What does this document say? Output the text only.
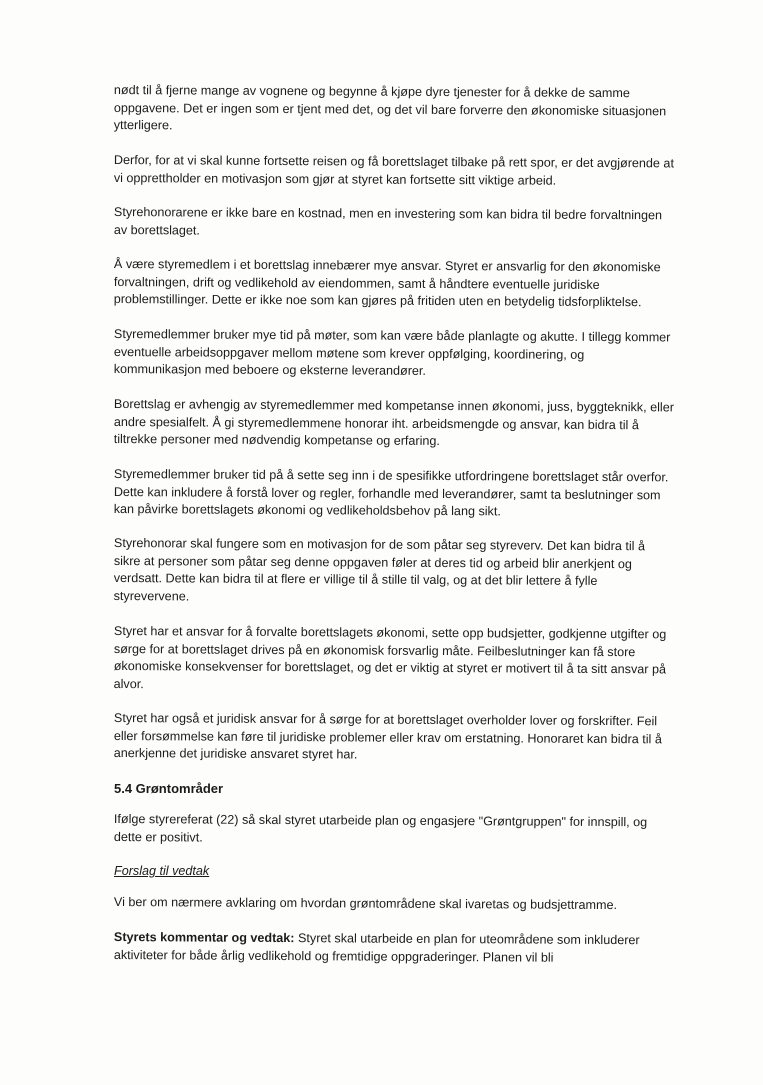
nødt til å fjerne mange av vognene og begynne å kjøpe dyre tjenester for å dekke de samme oppgavene. Det er ingen som er tjent med det, og det vil bare forverre den økonomiske situasjonen ytterligere.

Derfor, for at vi skal kunne fortsette reisen og få borettslaget tilbake på rett spor, er det avgjørende at vi opprettholder en motivasjon som gjør at styret kan fortsette sitt viktige arbeid.

Styrehonorarene er ikke bare en kostnad, men en investering som kan bidra til bedre forvaltningen av borettslaget.

Å være styremedlem i et borettslag innebærer mye ansvar. Styret er ansvarlig for den økonomiske forvaltningen, drift og vedlikehold av eiendommen, samt å håndtere eventuelle juridiske problemstillinger. Dette er ikke noe som kan gjøres på fritiden uten en betydelig tidsforpliktelse.

Styremedlemmer bruker mye tid på møter, som kan være både planlagte og akutte. I tillegg kommer eventuelle arbeidsoppgaver mellom møtene som krever oppfølging, koordinering, og kommunikasjon med beboere og eksterne leverandører.

Borettslag er avhengig av styremedlemmer med kompetanse innen økonomi, juss, byggteknikk, eller andre spesialfelt. Å gi styremedlemmene honorar iht. arbeidsmengde og ansvar, kan bidra til å tiltrekke personer med nødvendig kompetanse og erfaring.

Styremedlemmer bruker tid på å sette seg inn i de spesifikke utfordringene borettslaget står overfor. Dette kan inkludere å forstå lover og regler, forhandle med leverandører, samt ta beslutninger som kan påvirke borettslagets økonomi og vedlikeholdsbehov på lang sikt.

Styrehonorar skal fungere som en motivasjon for de som påtar seg styreverv. Det kan bidra til å sikre at personer som påtar seg denne oppgaven føler at deres tid og arbeid blir anerkjent og verdsatt. Dette kan bidra til at flere er villige til å stille til valg, og at det blir lettere å fylle styrevervene.

Styret har et ansvar for å forvalte borettslagets økonomi, sette opp budsjetter, godkjenne utgifter og sørge for at borettslaget drives på en økonomisk forsvarlig måte. Feilbeslutninger kan få store økonomiske konsekvenser for borettslaget, og det er viktig at styret er motivert til å ta sitt ansvar på alvor.

Styret har også et juridisk ansvar for å sørge for at borettslaget overholder lover og forskrifter. Feil eller forsømmelse kan føre til juridiske problemer eller krav om erstatning. Honoraret kan bidra til å anerkjenne det juridiske ansvaret styret har.

5.4 Grøntområder

Ifølge styrereferat (22) så skal styret utarbeide plan og engasjere "Grøntgruppen" for innspill, og dette er positivt.

Forslag til vedtak

Vi ber om nærmere avklaring om hvordan grøntområdene skal ivaretas og budsjettramme.

Styrets kommentar og vedtak: Styret skal utarbeide en plan for uteområdene som inkluderer aktiviteter for både årlig vedlikehold og fremtidige oppgraderinger. Planen vil bli
